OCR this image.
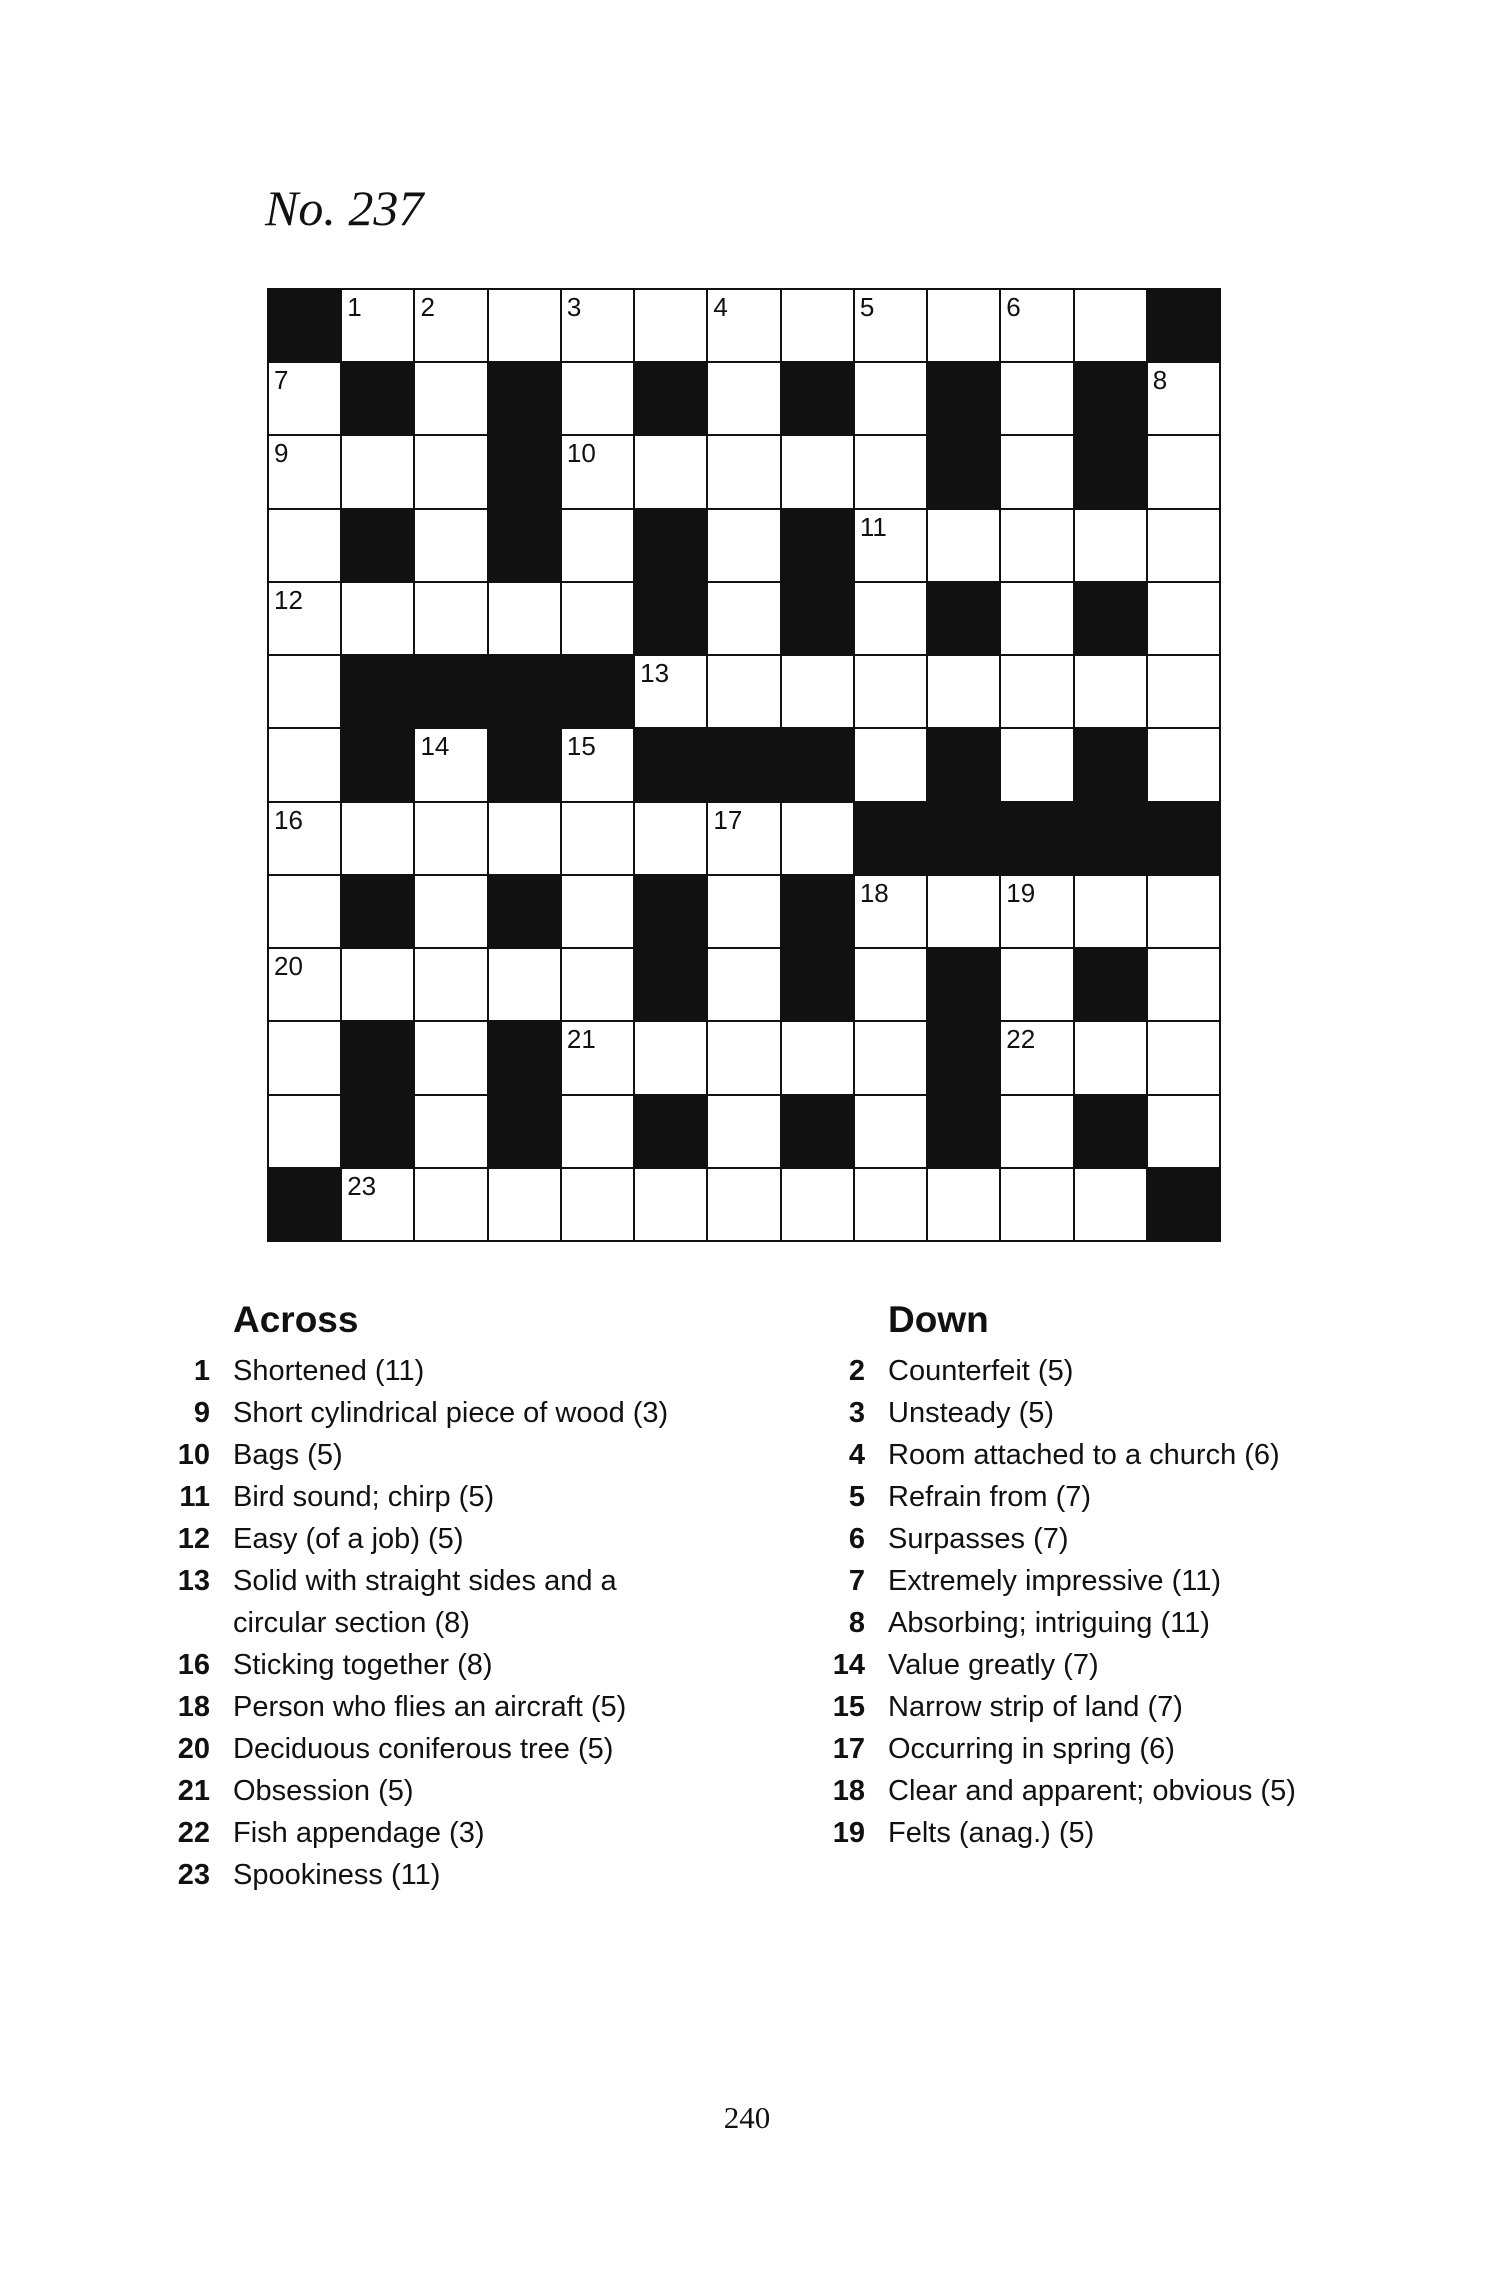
No. 237
1 2	3	4	5	6
7	8
9	10
11
12
13
14	15
16	17
18	19
20
21	22
23
Across
1 Shortened (11)
9 Short cylindrical piece of wood (3)
10 Bags (5)
11 Bird sound; chirp (5)
12 Easy (of a job) (5)
13 Solid with straight sides and a circular section (8)
16 Sticking together (8)
18 Person who flies an aircraft (5)
20 Deciduous coniferous tree (5)
21 Obsession (5)
22 Fish appendage (3)
23 Spookiness (11)
Down
2 Counterfeit (5)
3 Unsteady (5)
4 Room attached to a church (6)
5 Refrain from (7)
6 Surpasses (7)
7 Extremely impressive (11)
8 Absorbing; intriguing (11)
14 Value greatly (7)
15 Narrow strip of land (7)
17 Occurring in spring (6)
18 Clear and apparent; obvious (5)
19 Felts (anag.) (5)
240
